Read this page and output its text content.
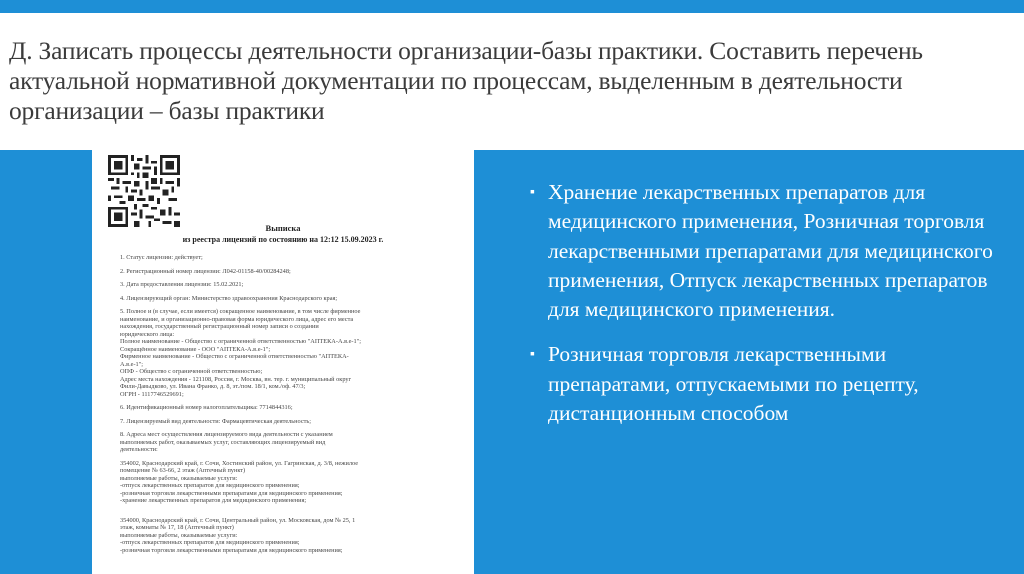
Д. Записать процессы деятельности организации-базы практики. Составить перечень актуальной нормативной документации по процессам, выделенным в деятельности организации – базы практики
Выписка
из реестра лицензий по состоянию на 12:12 15.09.2023 г.
1. Статус лицензии: действует;
2. Регистрационный номер лицензии: Л042-01158-40/00284248;
3. Дата предоставления лицензии: 15.02.2021;
4. Лицензирующий орган: Министерство здравоохранения Краснодарского края;
5. Полное и (в случае, если имеется) сокращенное наименование, в том числе фирменное
наименование, и организационно-правовая форма юридического лица, адрес его места
нахождения, государственный регистрационный номер записи о создании
юридического лица:
Полное наименование - Общество с ограниченной ответственностью "АПТЕКА-А.в.е-1";
Сокращённое наименование - ООО "АПТЕКА-А.в.е-1";
Фирменное наименование - Общество с ограниченной ответственностью "АПТЕКА-
А.в.е-1";
ОПФ - Общество с ограниченной ответственностью;
Адрес места нахождения - 121108, Россия, г. Москва, вн. тер. г. муниципальный округ
Фили-Давыдково, ул. Ивана Франко, д. 8, эт./пом. 18/1, ком./оф. 47/3;
ОГРН - 1117746529691;
6. Идентификационный номер налогоплательщика: 7714844316;
7. Лицензируемый вид деятельности: Фармацевтическая деятельность;
8. Адреса мест осуществления лицензируемого вида деятельности с указанием
выполняемых работ, оказываемых услуг, составляющих лицензируемый вид
деятельности:
354002, Краснодарский край, г. Сочи, Хостинский район, ул. Гагринская, д. 3/8, нежилое
помещение № 63-66, 2 этаж (Аптечный пункт)
выполняемые работы, оказываемые услуги:
-отпуск лекарственных препаратов для медицинского применения;
-розничная торговля лекарственными препаратами для медицинского применения;
-хранение лекарственных препаратов для медицинского применения;
354000, Краснодарский край, г. Сочи, Центральный район, ул. Московская, дом № 25, 1
этаж, комнаты № 17, 18 (Аптечный пункт)
выполняемые работы, оказываемые услуги:
-отпуск лекарственных препаратов для медицинского применения;
-розничная торговля лекарственными препаратами для медицинского применения;
▪ Хранение лекарственных препаратов для медицинского применения, Розничная торговля лекарственными препаратами для медицинского применения, Отпуск лекарственных препаратов для медицинского применения.
▪ Розничная торговля лекарственными препаратами, отпускаемыми по рецепту, дистанционным способом
